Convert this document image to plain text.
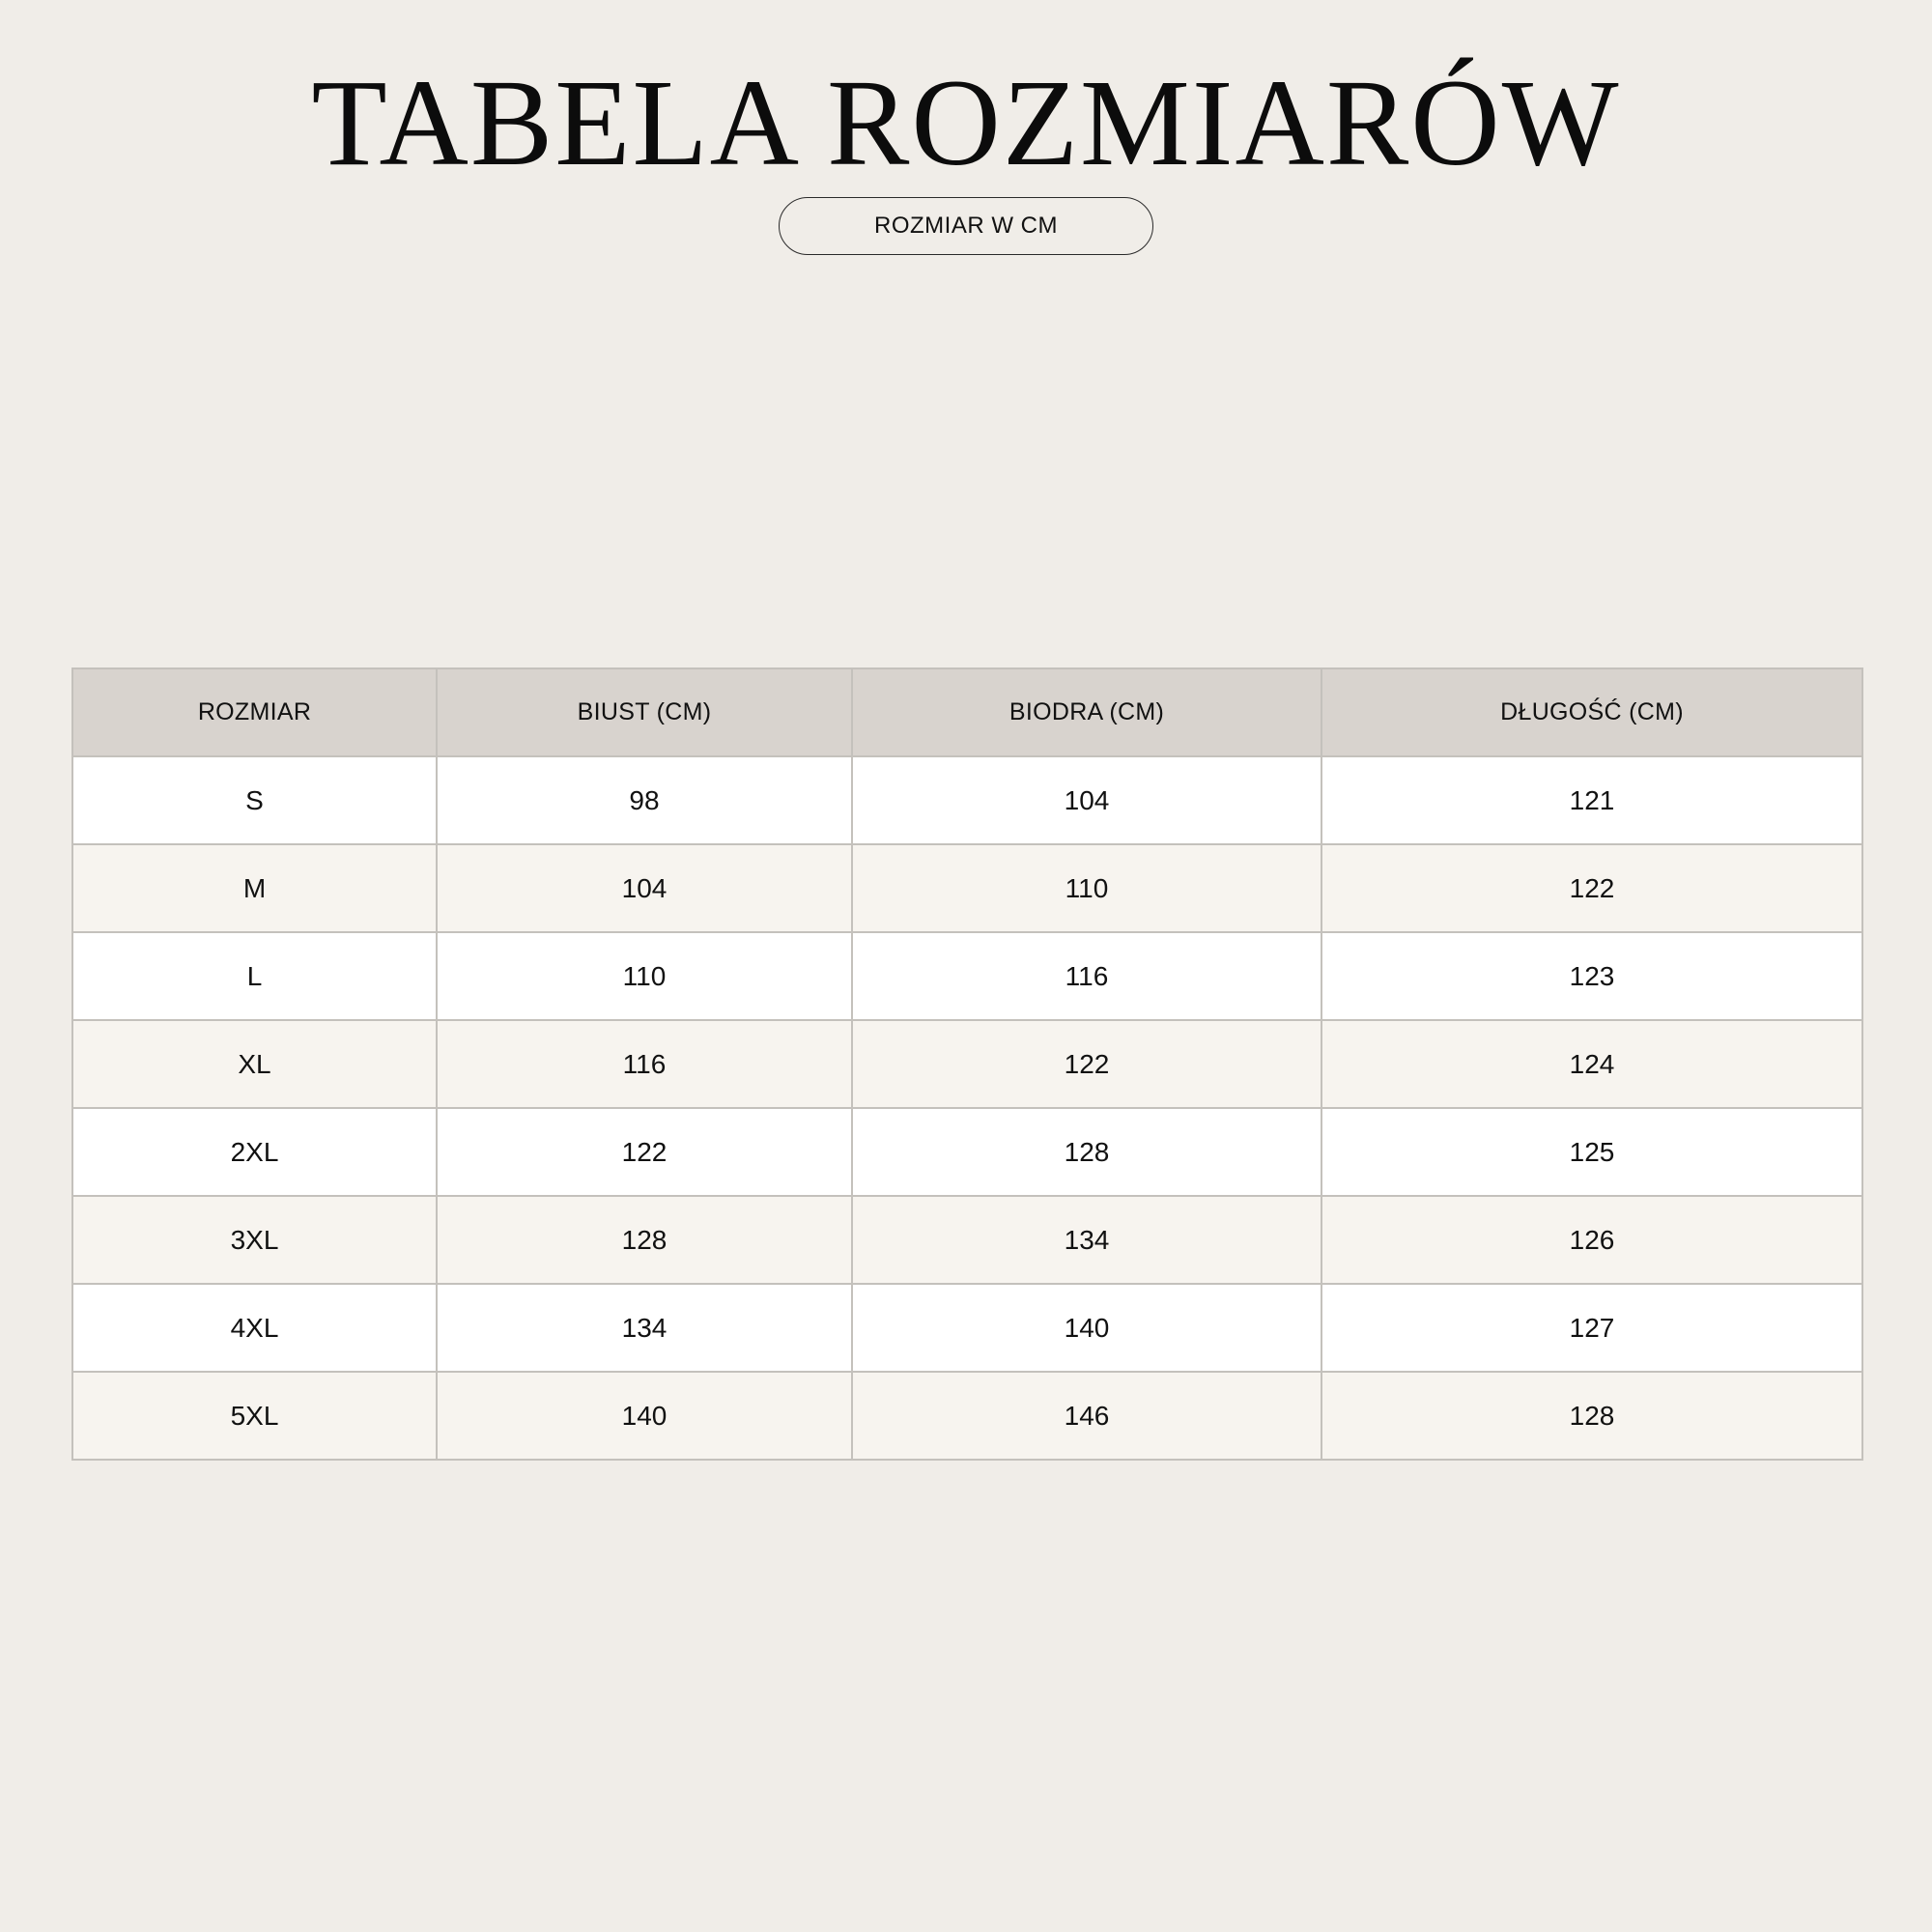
TABELA ROZMIARÓW
ROZMIAR W CM
ROZMIAR	BIUST (CM)	BIODRA (CM)	DŁUGOŚĆ (CM)
S	98	104	121
M	104	110	122
L	110	116	123
XL	116	122	124
2XL	122	128	125
3XL	128	134	126
4XL	134	140	127
5XL	140	146	128
